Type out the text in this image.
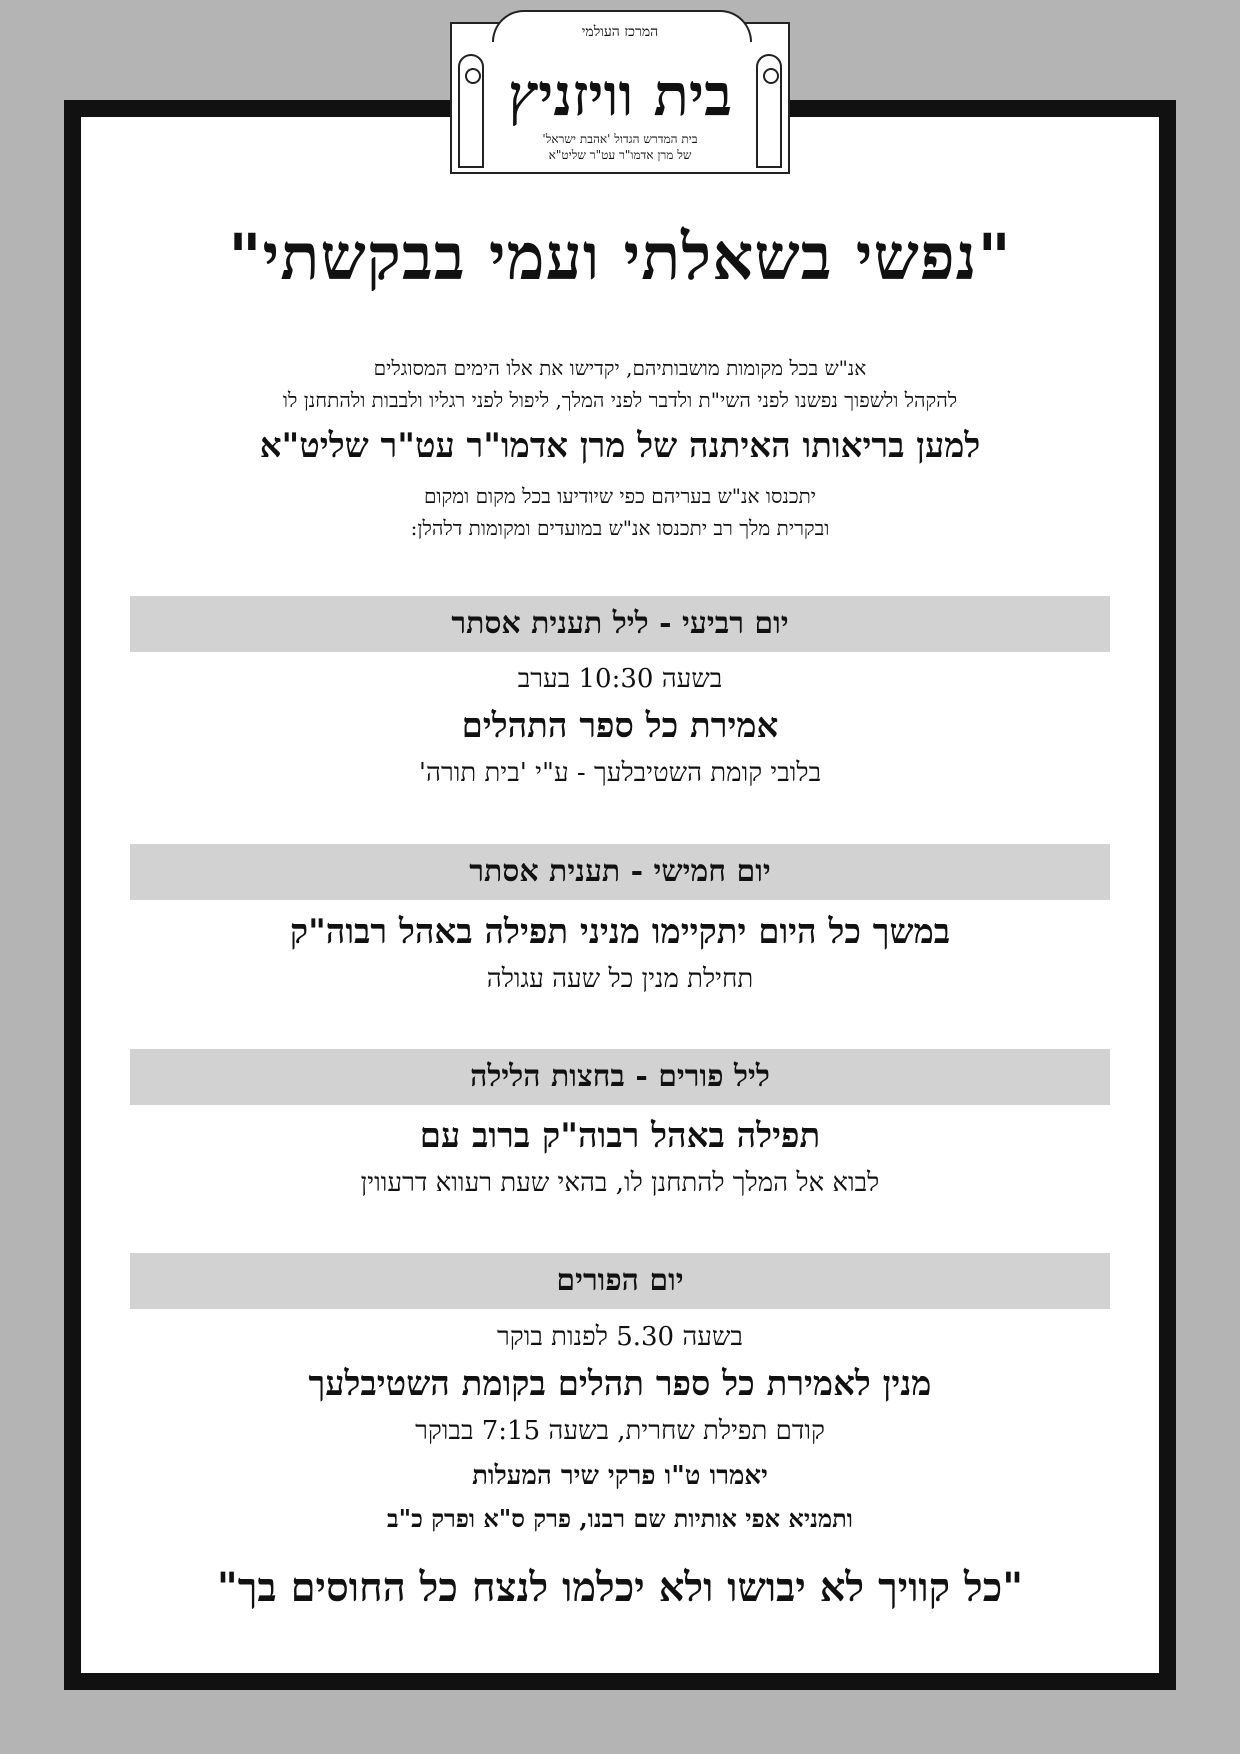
המרכז העולמי
בית וויזניץ
בית המדרש הגדול 'אהבת ישראל'
של מרן אדמו"ר עט"ר שליט"א
"נפשי בשאלתי ועמי בבקשתי"
אנ"ש בכל מקומות מושבותיהם, יקדישו את אלו הימים המסוגלים
להקהל ולשפוך נפשנו לפני השי"ת ולדבר לפני המלך, ליפול לפני רגליו ולבבות ולהתחנן לו
למען בריאותו האיתנה של מרן אדמו"ר עט"ר שליט"א
יתכנסו אנ"ש בעריהם כפי שיודיעו בכל מקום ומקום
ובקרית מלך רב יתכנסו אנ"ש במועדים ומקומות דלהלן:
יום רביעי - ליל תענית אסתר
בשעה 10:30 בערב
אמירת כל ספר התהלים
בלובי קומת השטיבלעך - ע"י 'בית תורה'
יום חמישי - תענית אסתר
במשך כל היום יתקיימו מניני תפילה באהל רבוה"ק
תחילת מנין כל שעה עגולה
ליל פורים - בחצות הלילה
תפילה באהל רבוה"ק ברוב עם
לבוא אל המלך להתחנן לו, בהאי שעת רעווא דרעווין
יום הפורים
בשעה 5.30 לפנות בוקר
מנין לאמירת כל ספר תהלים בקומת השטיבלעך
קודם תפילת שחרית, בשעה 7:15 בבוקר
יאמרו ט"ו פרקי שיר המעלות
ותמניא אפי אותיות שם רבנו, פרק ס"א ופרק כ"ב
"כל קוויך לא יבושו ולא יכלמו לנצח כל החוסים בך"
